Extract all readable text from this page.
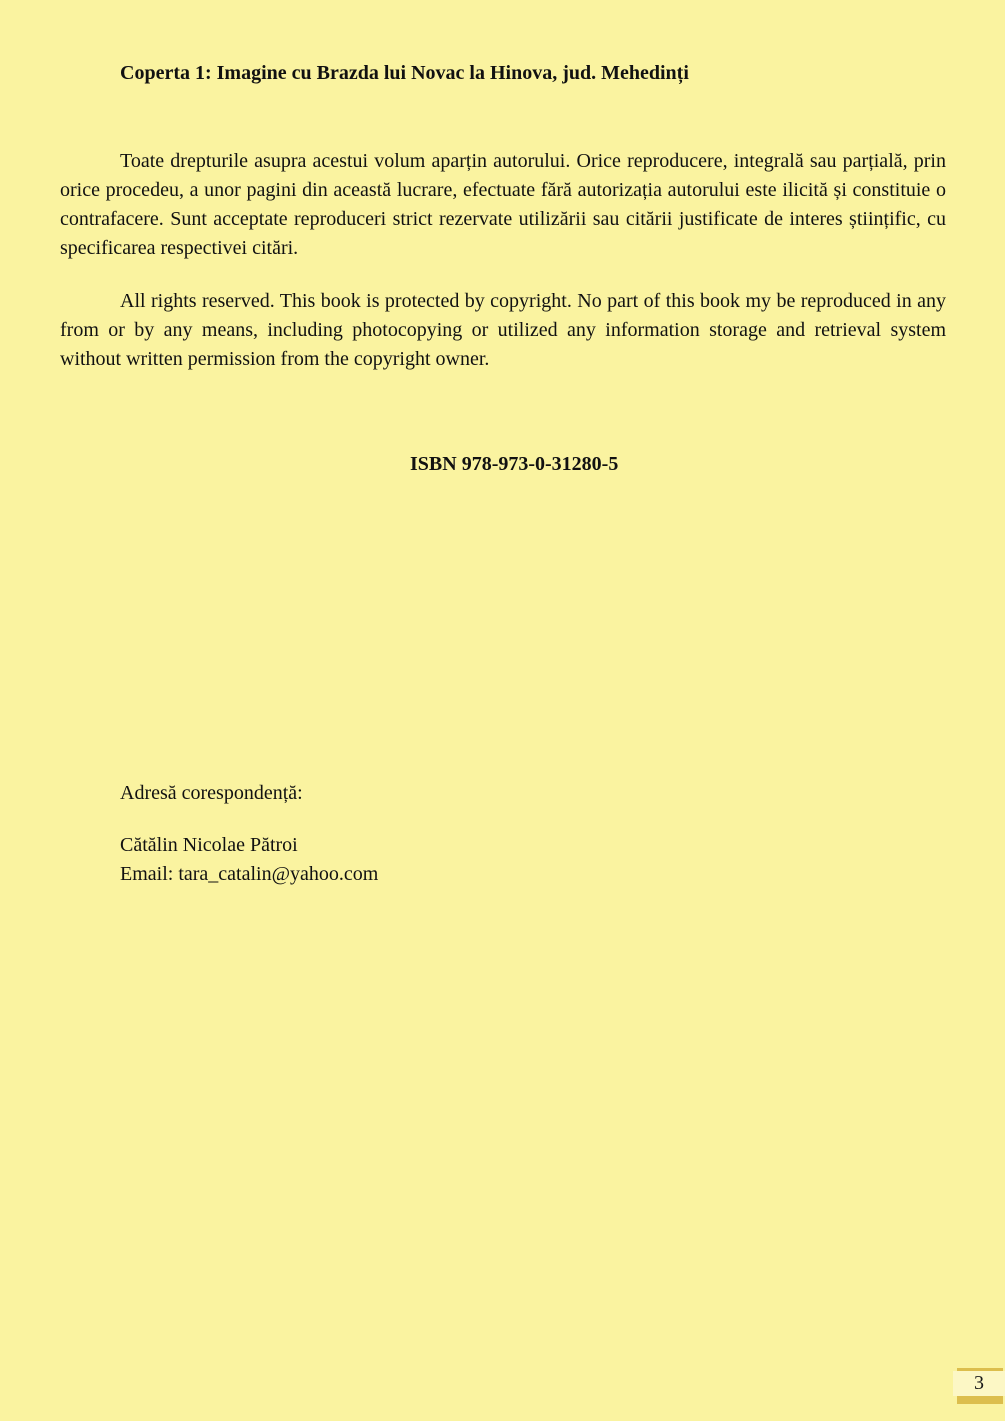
Coperta 1: Imagine cu Brazda lui Novac la Hinova, jud. Mehedinți
Toate drepturile asupra acestui volum aparțin autorului. Orice reproducere, integrală sau parțială, prin orice procedeu, a unor pagini din această lucrare, efectuate fără autorizația autorului este ilicită și constituie o contrafacere. Sunt acceptate reproduceri strict rezervate utilizării sau citării justificate de interes științific, cu specificarea respectivei citări.
All rights reserved. This book is protected by copyright. No part of this book my be reproduced in any from or by any means, including photocopying or utilized any information storage and retrieval system without written permission from the copyright owner.
ISBN 978-973-0-31280-5
Adresă corespondență:
Cătălin Nicolae Pătroi
Email: tara_catalin@yahoo.com
3
